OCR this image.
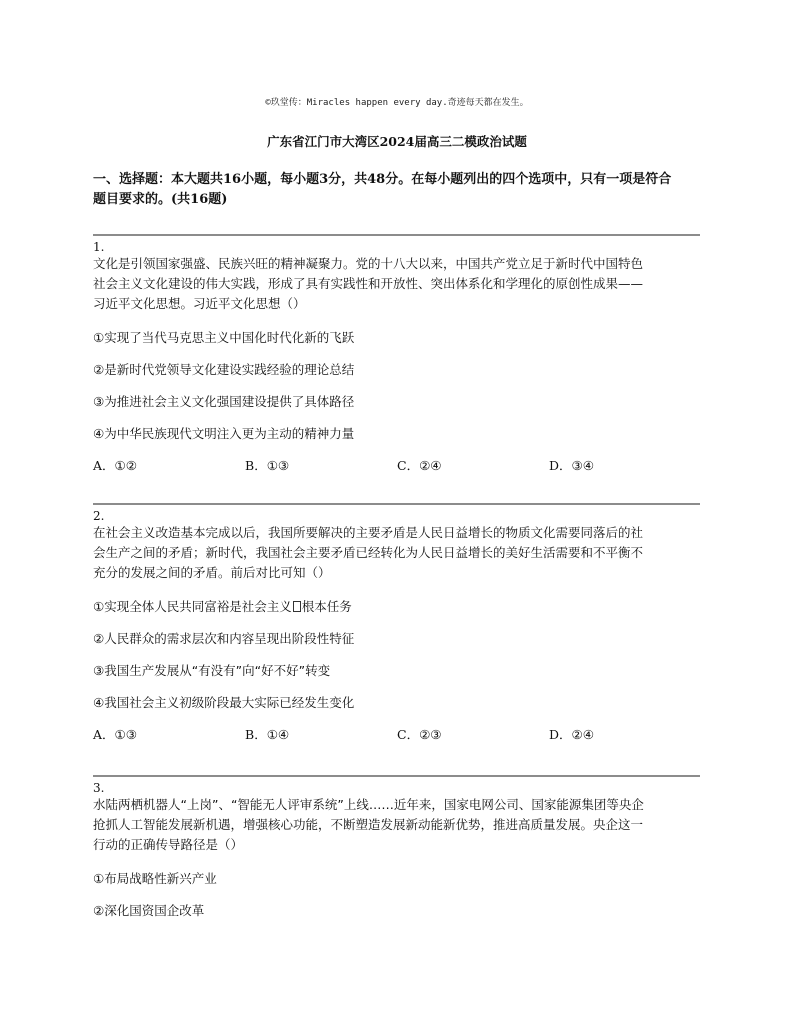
©玖堂传：Miracles happen every day.奇迹每天都在发生。
广东省江门市大湾区2024届高三二模政治试题
一、选择题：本大题共16小题，每小题3分，共48分。在每小题列出的四个选项中，只有一项是符合
题目要求的。(共16题)
1.
文化是引领国家强盛、民族兴旺的精神凝聚力。党的十八大以来，中国共产党立足于新时代中国特色
社会主义文化建设的伟大实践，形成了具有实践性和开放性、突出体系化和学理化的原创性成果——
习近平文化思想。习近平文化思想（）
①实现了当代马克思主义中国化时代化新的飞跃
②是新时代党领导文化建设实践经验的理论总结
③为推进社会主义文化强国建设提供了具体路径
④为中华民族现代文明注入更为主动的精神力量
A．①②	B．①③	C．②④	D．③④
2.
在社会主义改造基本完成以后，我国所要解决的主要矛盾是人民日益增长的物质文化需要同落后的社
会生产之间的矛盾；新时代，我国社会主要矛盾已经转化为人民日益增长的美好生活需要和不平衡不
充分的发展之间的矛盾。前后对比可知（）
①实现全体人民共同富裕是社会主义 根本任务
②人民群众的需求层次和内容呈现出阶段性特征
③我国生产发展从“有没有”向“好不好”转变
④我国社会主义初级阶段最大实际已经发生变化
A．①③	B．①④	C．②③	D．②④
3.
水陆两栖机器人“上岗”、“智能无人评审系统”上线……近年来，国家电网公司、国家能源集团等央企
抢抓人工智能发展新机遇，增强核心功能，不断塑造发展新动能新优势，推进高质量发展。央企这一
行动的正确传导路径是（）
①布局战略性新兴产业
②深化国资国企改革
